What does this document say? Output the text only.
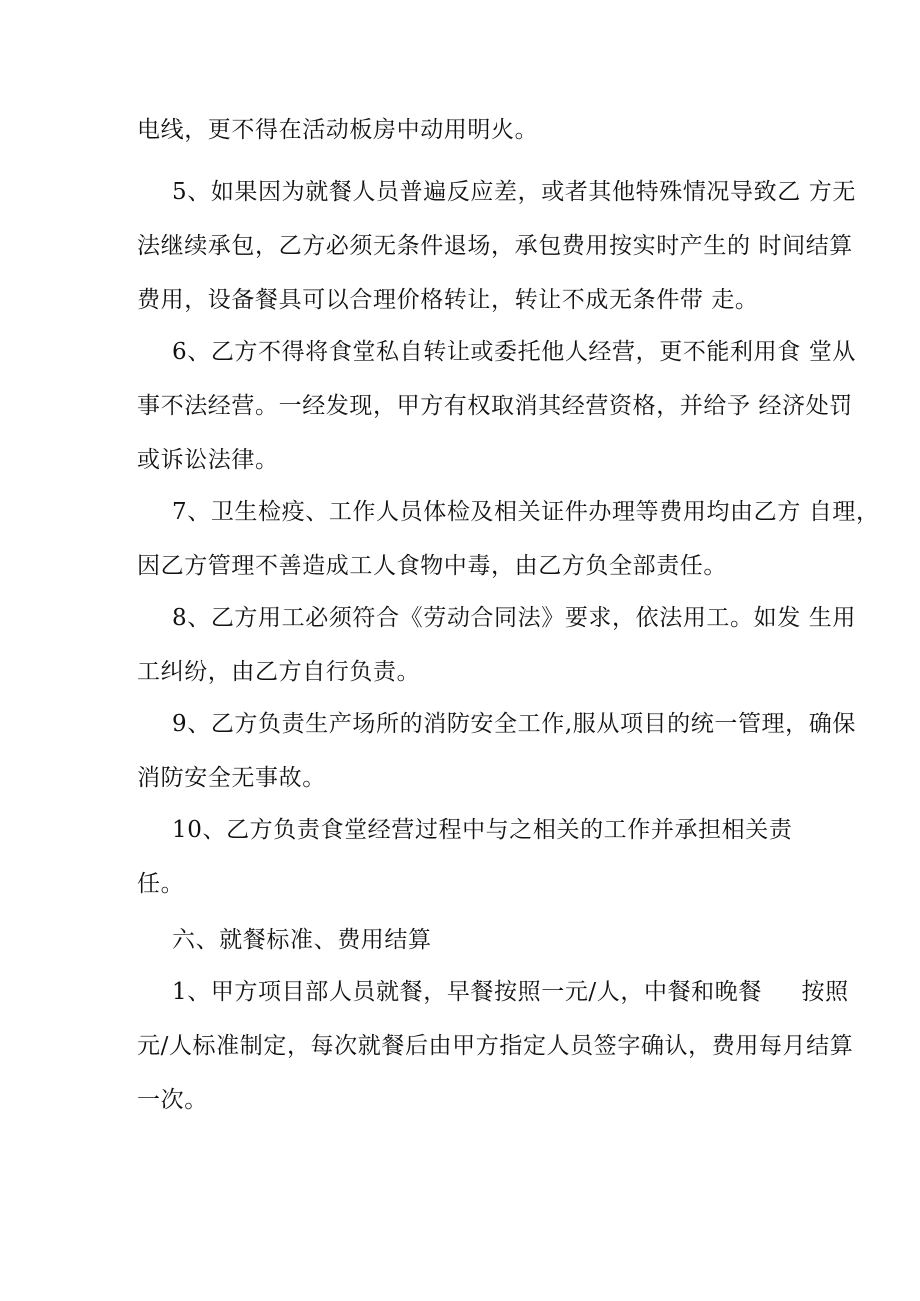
电线，更不得在活动板房中动用明火。
5、如果因为就餐人员普遍反应差，或者其他特殊情况导致乙 方无
法继续承包，乙方必须无条件退场，承包费用按实时产生的 时间结算
费用，设备餐具可以合理价格转让，转让不成无条件带 走。
6、乙方不得将食堂私自转让或委托他人经营，更不能利用食 堂从
事不法经营。一经发现，甲方有权取消其经营资格，并给予 经济处罚
或诉讼法律。
7、卫生检疫、工作人员体检及相关证件办理等费用均由乙方 自理，
因乙方管理不善造成工人食物中毒，由乙方负全部责任。
8、乙方用工必须符合《劳动合同法》要求，依法用工。如发 生用
工纠纷，由乙方自行负责。
9、乙方负责生产场所的消防安全工作,服从项目的统一管理，确保
消防安全无事故。
10、乙方负责食堂经营过程中与之相关的工作并承担相关责
任。
六、就餐标准、费用结算
1、甲方项目部人员就餐，早餐按照一元/人，中餐和晚餐     按照
元/人标准制定，每次就餐后由甲方指定人员签字确认，费用每月结算
一次。
